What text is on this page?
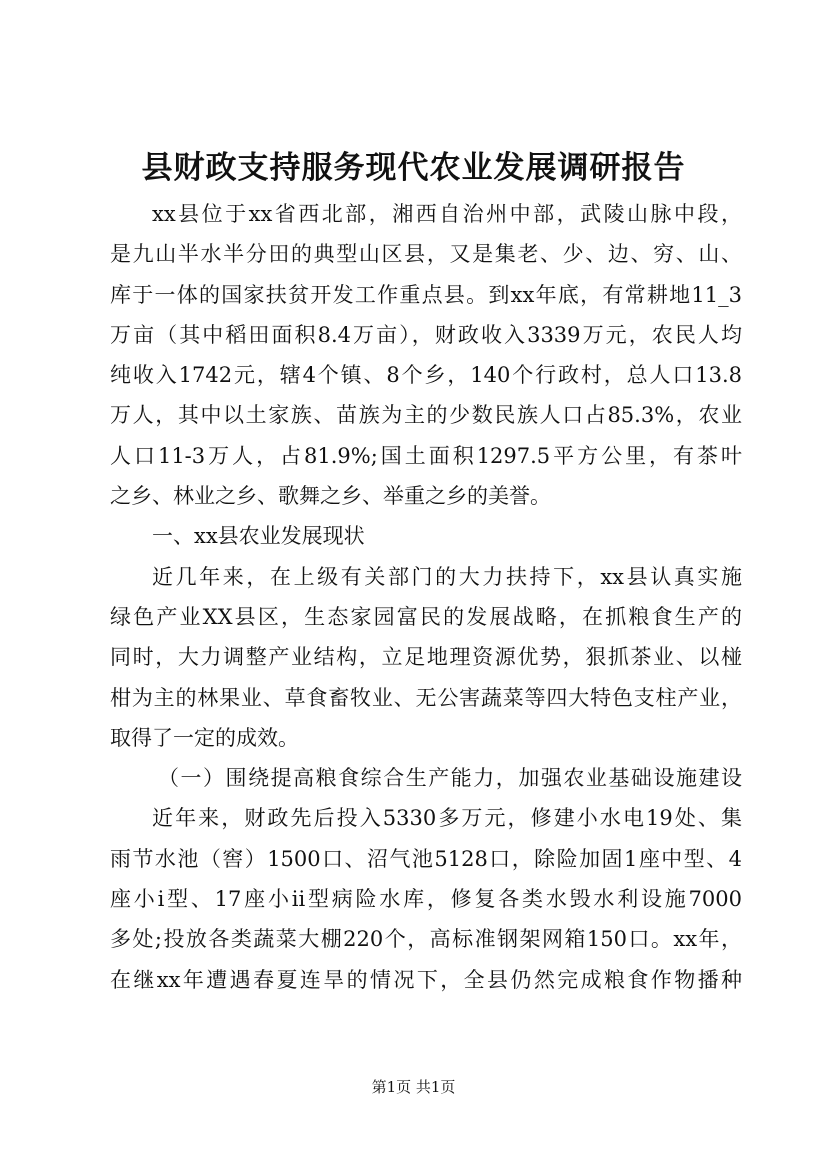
县财政支持服务现代农业发展调研报告
xx县位于xx省西北部，湘西自治州中部，武陵山脉中段，
是九山半水半分田的典型山区县，又是集老、少、边、穷、山、
库于一体的国家扶贫开发工作重点县。到xx年底，有常耕地11_3
万亩（其中稻田面积8.4万亩），财政收入3339万元，农民人均
纯收入1742元，辖4个镇、8个乡，140个行政村，总人口13.8
万人，其中以土家族、苗族为主的少数民族人口占85.3%，农业
人口11-3万人，占81.9%;国土面积1297.5平方公里，有茶叶
之乡、林业之乡、歌舞之乡、举重之乡的美誉。
一、xx县农业发展现状
近几年来，在上级有关部门的大力扶持下，xx县认真实施
绿色产业XX县区，生态家园富民的发展战略，在抓粮食生产的
同时，大力调整产业结构，立足地理资源优势，狠抓茶业、以椪
柑为主的林果业、草食畜牧业、无公害蔬菜等四大特色支柱产业，
取得了一定的成效。
（一）围绕提高粮食综合生产能力，加强农业基础设施建设
近年来，财政先后投入5330多万元，修建小水电19处、集
雨节水池（窖）1500口、沼气池5128口，除险加固1座中型、4
座小i型、17座小ii型病险水库，修复各类水毁水利设施7000
多处;投放各类蔬菜大棚220个，高标准钢架网箱150口。xx年，
在继xx年遭遇春夏连旱的情况下，全县仍然完成粮食作物播种
第1页 共1页
